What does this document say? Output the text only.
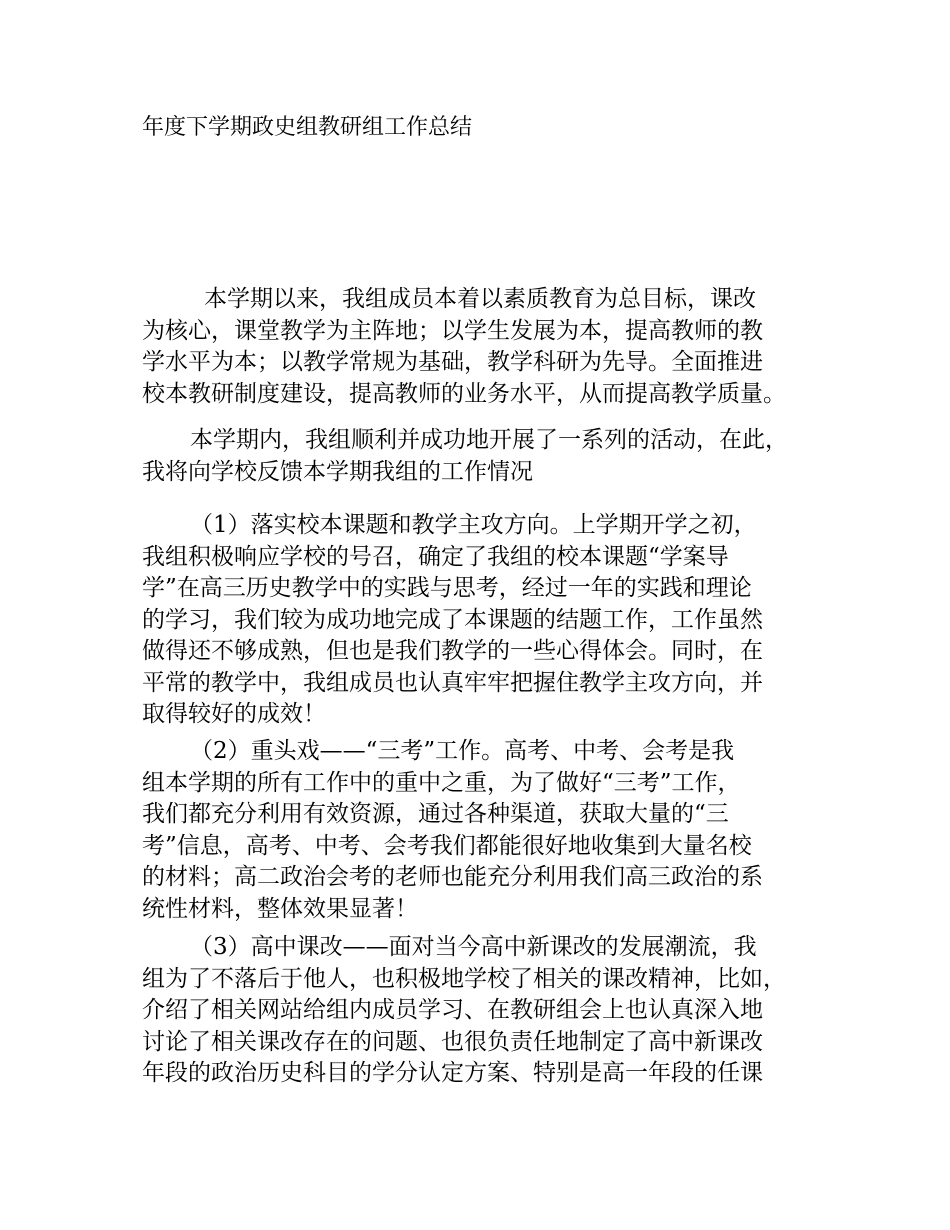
年度下学期政史组教研组工作总结
本学期以来，我组成员本着以素质教育为总目标，课改
为核心，课堂教学为主阵地；以学生发展为本，提高教师的教
学水平为本；以教学常规为基础，教学科研为先导。全面推进
校本教研制度建设，提高教师的业务水平，从而提高教学质量。
本学期内，我组顺利并成功地开展了一系列的活动，在此，
我将向学校反馈本学期我组的工作情况
（1）落实校本课题和教学主攻方向。上学期开学之初，
我组积极响应学校的号召，确定了我组的校本课题“学案导
学”在高三历史教学中的实践与思考，经过一年的实践和理论
的学习，我们较为成功地完成了本课题的结题工作，工作虽然
做得还不够成熟，但也是我们教学的一些心得体会。同时，在
平常的教学中，我组成员也认真牢牢把握住教学主攻方向，并
取得较好的成效！
（2）重头戏——“三考”工作。高考、中考、会考是我
组本学期的所有工作中的重中之重，为了做好“三考”工作，
我们都充分利用有效资源，通过各种渠道，获取大量的“三
考”信息，高考、中考、会考我们都能很好地收集到大量名校
的材料；高二政治会考的老师也能充分利用我们高三政治的系
统性材料，整体效果显著！
（3）高中课改——面对当今高中新课改的发展潮流，我
组为了不落后于他人，也积极地学校了相关的课改精神，比如，
介绍了相关网站给组内成员学习、在教研组会上也认真深入地
讨论了相关课改存在的问题、也很负责任地制定了高中新课改
年段的政治历史科目的学分认定方案、特别是高一年段的任课
